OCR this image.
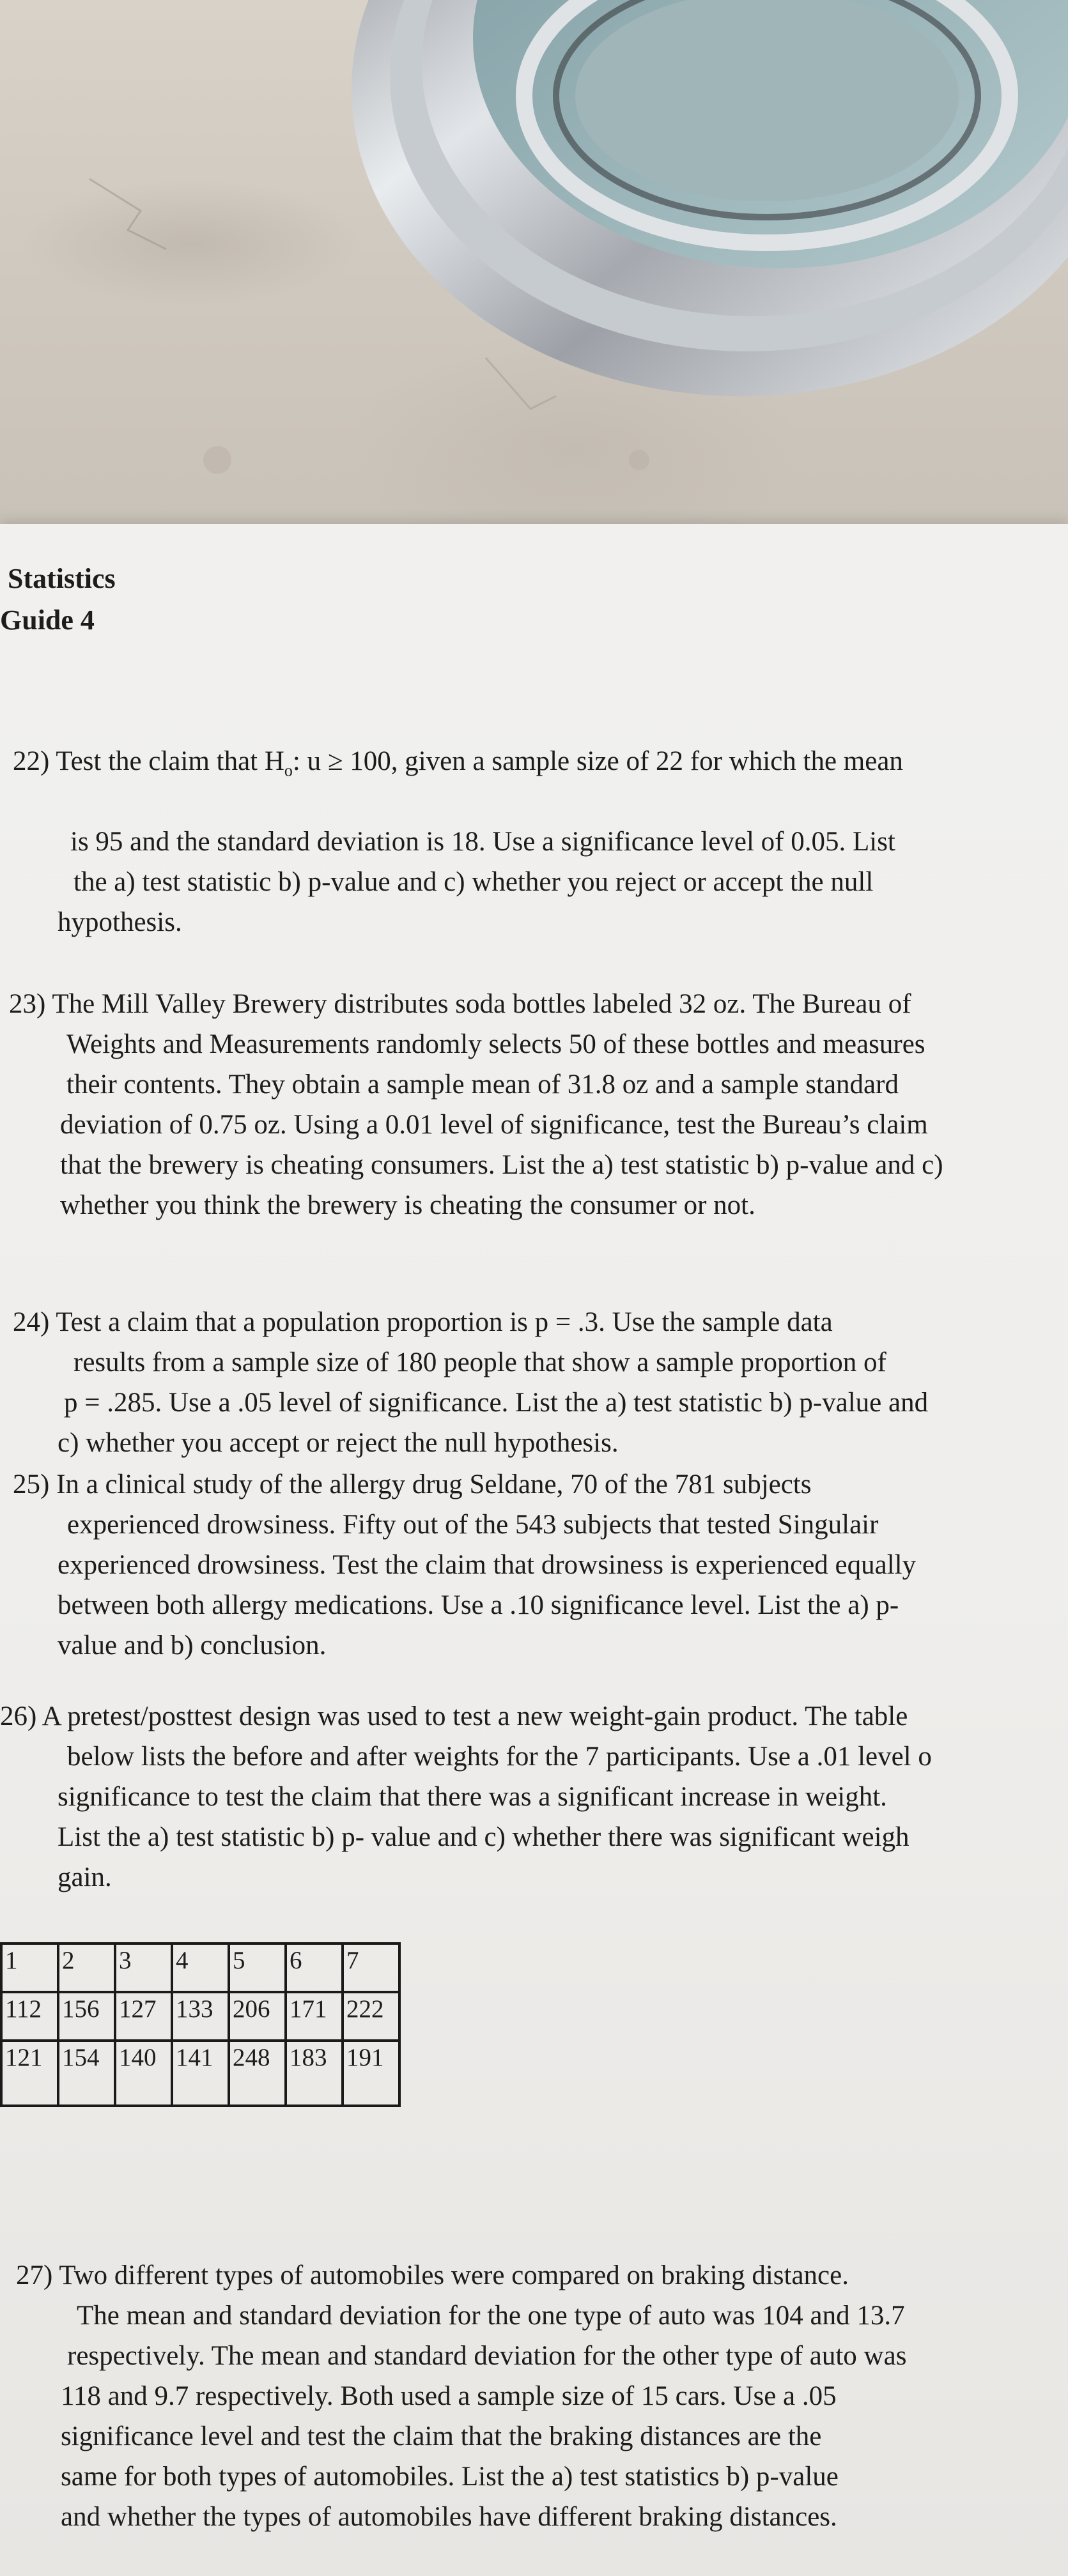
Statistics
Guide 4
22) Test the claim that $H_o$: u ≥ 100, given a sample size of 22 for which the mean
is 95 and the standard deviation is 18. Use a significance level of 0.05. List
the a) test statistic b) p-value and c) whether you reject or accept the null
hypothesis.
23) The Mill Valley Brewery distributes soda bottles labeled 32 oz. The Bureau of
Weights and Measurements randomly selects 50 of these bottles and measures
their contents. They obtain a sample mean of 31.8 oz and a sample standard
deviation of 0.75 oz. Using a 0.01 level of significance, test the Bureau’s claim
that the brewery is cheating consumers. List the a) test statistic b) p-value and c)
whether you think the brewery is cheating the consumer or not.
24) Test a claim that a population proportion is p = .3. Use the sample data
results from a sample size of 180 people that show a sample proportion of
p = .285. Use a .05 level of significance. List the a) test statistic b) p-value and
c) whether you accept or reject the null hypothesis.
25) In a clinical study of the allergy drug Seldane, 70 of the 781 subjects
experienced drowsiness. Fifty out of the 543 subjects that tested Singulair
experienced drowsiness. Test the claim that drowsiness is experienced equally
between both allergy medications. Use a .10 significance level. List the a) p-
value and b) conclusion.
26) A pretest/posttest design was used to test a new weight-gain product. The table
below lists the before and after weights for the 7 participants. Use a .01 level o
significance to test the claim that there was a significant increase in weight.
List the a) test statistic b) p- value and c) whether there was significant weigh
gain.
1	2	3	4	5	6	7
112	156	127	133	206	171	222
121	154	140	141	248	183	191
27) Two different types of automobiles were compared on braking distance.
The mean and standard deviation for the one type of auto was 104 and 13.7
respectively. The mean and standard deviation for the other type of auto was
118 and 9.7 respectively. Both used a sample size of 15 cars. Use a .05
significance level and test the claim that the braking distances are the
same for both types of automobiles. List the a) test statistics b) p-value
and whether the types of automobiles have different braking distances.
